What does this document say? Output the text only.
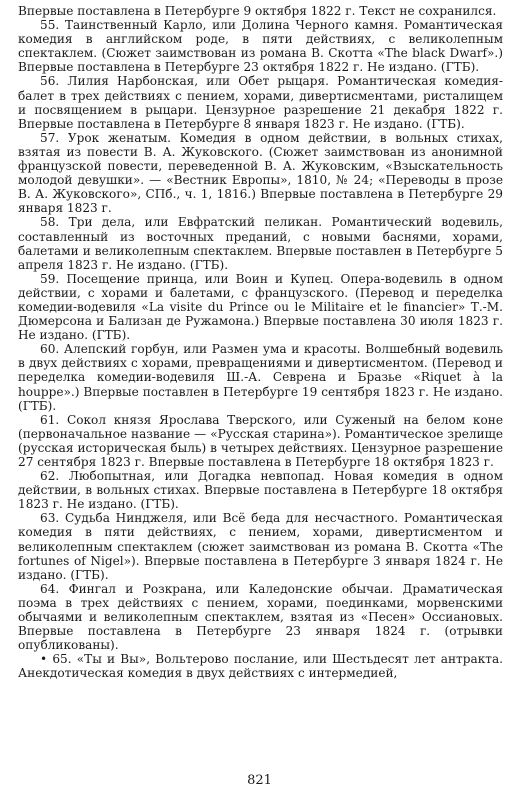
Впервые поставлена в Петербурге 9 октября 1822 г. Текст не сохранился.

55. Таинственный Карло, или Долина Черного камня. Романтическая комедия в английском роде, в пяти действиях, с великолепным спектаклем. (Сюжет заимствован из романа В. Скотта «The black Dwarf».) Впервые поставлена в Петербурге 23 октября 1822 г. Не издано. (ГТБ).

56. Лилия Нарбонская, или Обет рыцаря. Романтическая комедия-балет в трех действиях с пением, хорами, дивертисментами, ристалищем и посвящением в рыцари. Цензурное разрешение 21 декабря 1822 г. Впервые поставлена в Петербурге 8 января 1823 г. Не издано. (ГТБ).

57. Урок женатым. Комедия в одном действии, в вольных стихах, взятая из повести В. А. Жуковского. (Сюжет заимствован из анонимной французской повести, переведенной В. А. Жуковским, «Взыскательность молодой девушки». — «Вестник Европы», 1810, № 24; «Переводы в прозе В. А. Жуковского», СПб., ч. 1, 1816.) Впервые поставлена в Петербурге 29 января 1823 г.

58. Три дела, или Евфратский пеликан. Романтический водевиль, составленный из восточных преданий, с новыми баснями, хорами, балетами и великолепным спектаклем. Впервые поставлен в Петербурге 5 апреля 1823 г. Не издано. (ГТБ).

59. Посещение принца, или Воин и Купец. Опера-водевиль в одном действии, с хорами и балетами, с французского. (Перевод и переделка комедии-водевиля «La visite du Prince ou le Militaire et le financier» Т.-М. Дюмерсона и Бализан де Ружамона.) Впервые поставлена 30 июля 1823 г. Не издано. (ГТБ).

60. Алепский горбун, или Размен ума и красоты. Волшебный водевиль в двух действиях с хорами, превращениями и дивертисментом. (Перевод и переделка комедии-водевиля Ш.-А. Севрена и Бразье «Riquet à la houppe».) Впервые поставлен в Петербурге 19 сентября 1823 г. Не издано. (ГТБ).

61. Сокол князя Ярослава Тверского, или Суженый на белом коне (первоначальное название — «Русская старина»). Романтическое зрелище (русская историческая быль) в четырех действиях. Цензурное разрешение 27 сентября 1823 г. Впервые поставлена в Петербурге 18 октября 1823 г.

62. Любопытная, или Догадка невпопад. Новая комедия в одном действии, в вольных стихах. Впервые поставлена в Петербурге 18 октября 1823 г. Не издано. (ГТБ).

63. Судьба Нинджеля, или Всё беда для несчастного. Романтическая комедия в пяти действиях, с пением, хорами, дивертисментом и великолепным спектаклем (сюжет заимствован из романа В. Скотта «The fortunes of Nigel»). Впервые поставлена в Петербурге 3 января 1824 г. Не издано. (ГТБ).

64. Фингал и Розкрана, или Каледонские обычаи. Драматическая поэма в трех действиях с пением, хорами, поединками, морвенскими обычаями и великолепным спектаклем, взятая из «Песен» Оссиановых. Впервые поставлена в Петербурге 23 января 1824 г. (отрывки опубликованы).

• 65. «Ты и Вы», Вольтерово послание, или Шестьдесят лет антракта. Анекдотическая комедия в двух действиях с интермедией,

821
